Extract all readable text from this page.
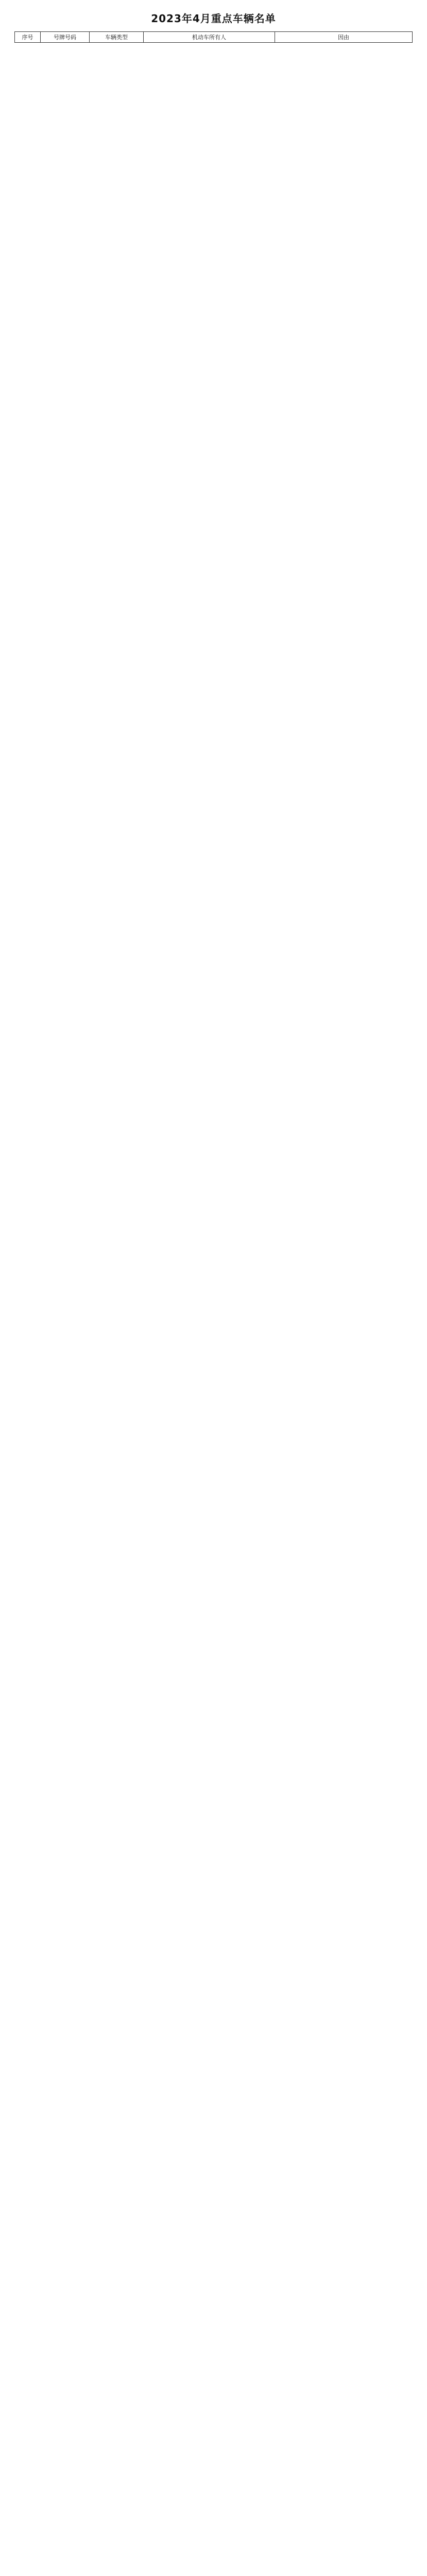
2023年4月重点车辆名单
序号	号牌号码	车辆类型	机动车所有人	因由
